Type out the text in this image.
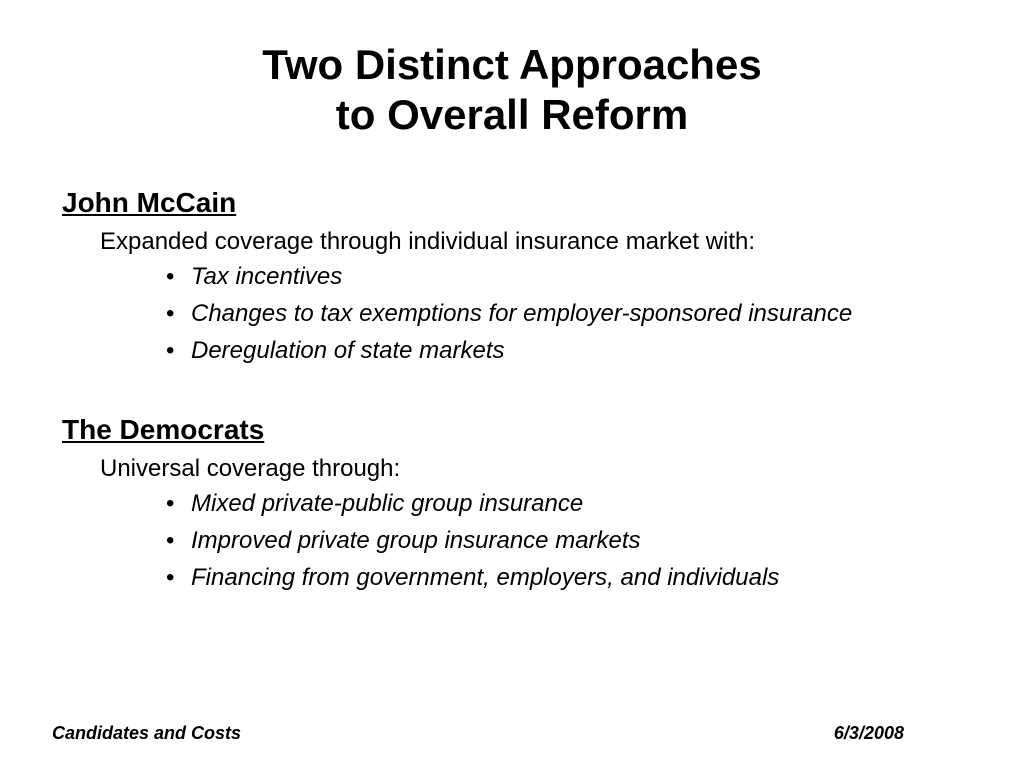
Two Distinct Approaches
to Overall Reform

John McCain

Expanded coverage through individual insurance market with:

• Tax incentives
• Changes to tax exemptions for employer-sponsored insurance
• Deregulation of state markets

The Democrats

Universal coverage through:

• Mixed private-public group insurance
• Improved private group insurance markets
• Financing from government, employers, and individuals
Candidates and Costs	6/3/2008
